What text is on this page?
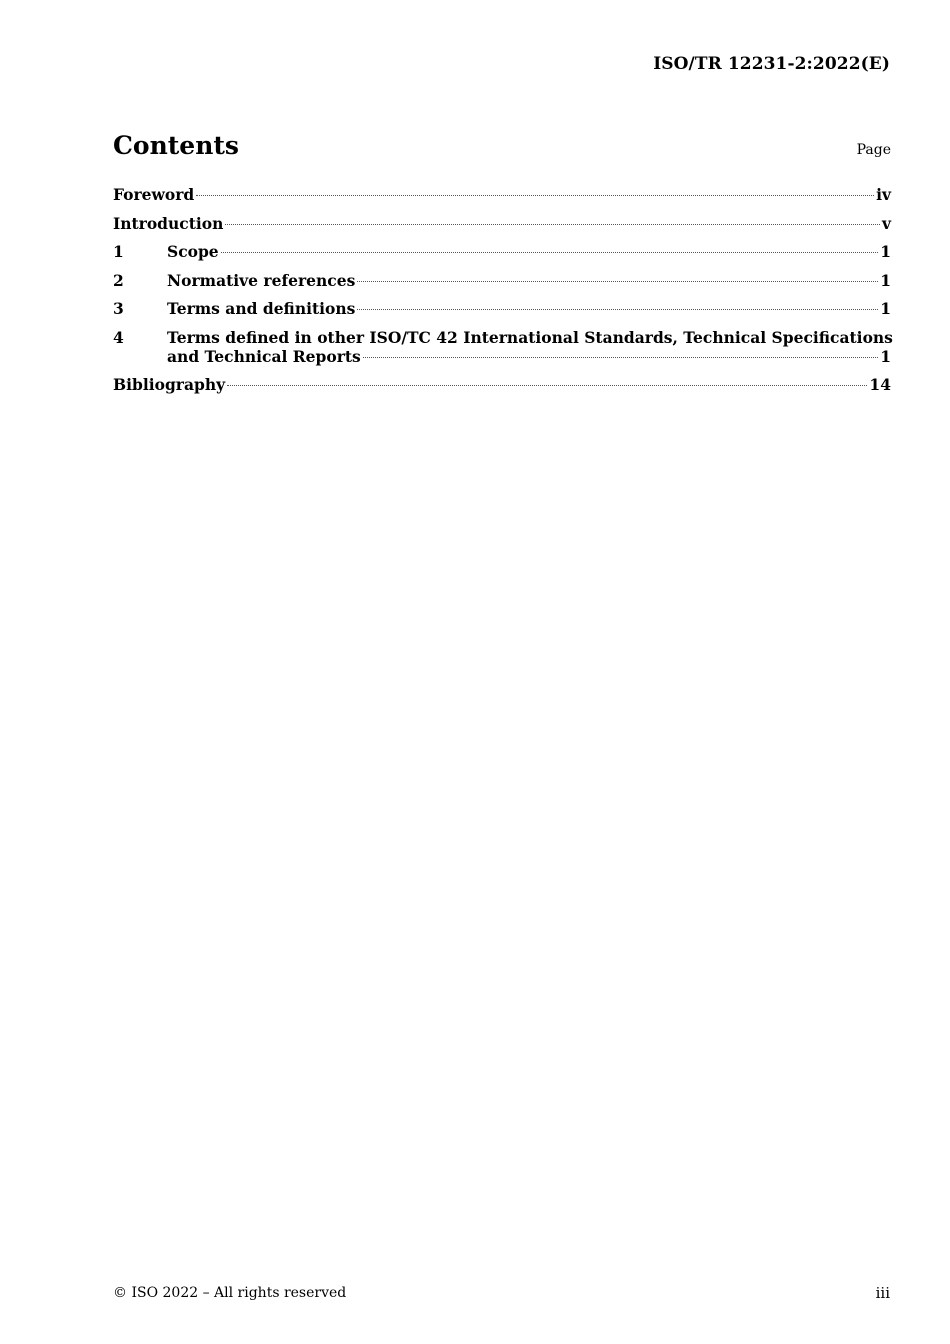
ISO/TR 12231-2:2022(E)
Contents	Page
Foreword	iv
Introduction	v
1	Scope	1
2	Normative references	1
3	Terms and definitions	1
4	Terms defined in other ISO/TC 42 International Standards, Technical Specifications
and Technical Reports	1
Bibliography	14
© ISO 2022 – All rights reserved	iii
